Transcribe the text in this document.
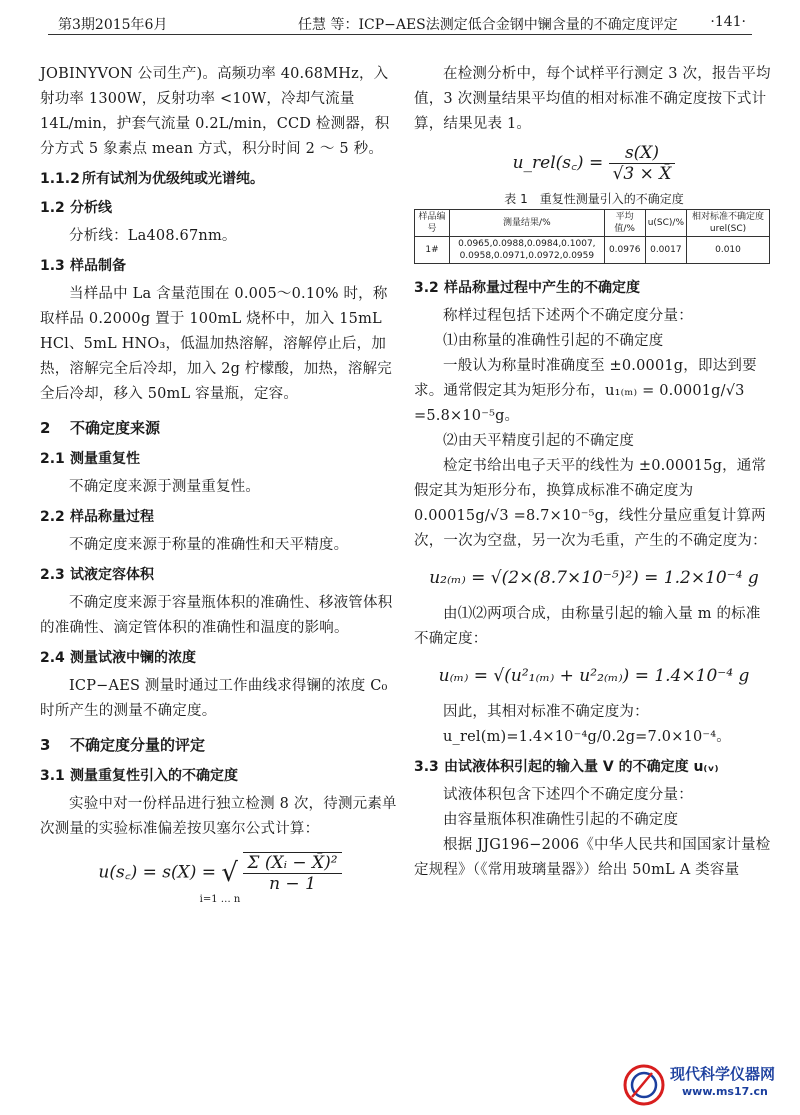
第3期2015年6月	任慧 等：ICP−AES法测定低合金钢中镧含量的不确定度评定 ·141·

JOBINYVON 公司生产)。高频功率 40.68MHz，入射功率 1300W，反射功率 <10W，冷却气流量 14L/min，护套气流量 0.2L/min，CCD 检测器，积分方式 5 象素点 mean 方式，积分时间 2 ～ 5 秒。

1.1.2 所有试剂为优级纯或光谱纯。
1.2 分析线

分析线：La408.67nm。

1.3 样品制备

当样品中 La 含量范围在 0.005～0.10% 时，称取样品 0.2000g 置于 100mL 烧杯中，加入 15mL HCl、5mL HNO₃，低温加热溶解，溶解停止后，加热，溶解完全后冷却，加入 2g 柠檬酸，加热，溶解完全后冷却，移入 50mL 容量瓶，定容。

2 不确定度来源
2.1 测量重复性

不确定度来源于测量重复性。

2.2 样品称量过程

不确定度来源于称量的准确性和天平精度。

2.3 试液定容体积

不确定度来源于容量瓶体积的准确性、移液管体积的准确性、滴定管体积的准确性和温度的影响。

2.4 测量试液中镧的浓度

ICP−AES 测量时通过工作曲线求得镧的浓度 C₀ 时所产生的测量不确定度。

3 不确定度分量的评定
3.1 测量重复性引入的不确定度

实验中对一份样品进行独立检测 8 次，待测元素单次测量的实验标准偏差按贝塞尔公式计算：

u(s꜀) = s(X) = √ $\frac{\text{Σ (Xᵢ − X̄)²}}{n - 1}$
i=1 … n

在检测分析中，每个试样平行测定 3 次，报告平均值，3 次测量结果平均值的相对标准不确定度按下式计算，结果见表 1。

u_rel(s꜀) = $\frac{s(X)}{√3 \times X̄}$
表 1　重复性测量引入的不确定度
样品编号	测量结果/%	平均值/%	u(SC)/%	相对标准不确定度urel(SC)
1#	0.0965,0.0988,0.0984,0.1007, 0.0958,0.0971,0.0972,0.0959	0.0976	0.0017	0.010
3.2 样品称量过程中产生的不确定度

称样过程包括下述两个不确定度分量：

⑴由称量的准确性引起的不确定度

一般认为称量时准确度至 ±0.0001g，即达到要求。通常假定其为矩形分布，u₁₍ₘ₎ = 0.0001g/√3 =5.8×10⁻⁵g。

⑵由天平精度引起的不确定度

检定书给出电子天平的线性为 ±0.00015g，通常假定其为矩形分布，换算成标准不确定度为 0.00015g/√3 =8.7×10⁻⁵g，线性分量应重复计算两次，一次为空盘，另一次为毛重，产生的不确定度为：

u₂₍ₘ₎ = √(2×(8.7×10⁻⁵)²) = 1.2×10⁻⁴ g

由⑴⑵两项合成，由称量引起的输入量 m 的标准不确定度：

u₍ₘ₎ = √(u²₁₍ₘ₎ + u²₂₍ₘ₎) = 1.4×10⁻⁴ g

因此，其相对标准不确定度为：

u_rel(m)=1.4×10⁻⁴g/0.2g=7.0×10⁻⁴。

3.3 由试液体积引起的输入量 V 的不确定度 u₍ᵥ₎

试液体积包含下述四个不确定度分量：

由容量瓶体积准确性引起的不确定度

根据 JJG196−2006《中华人民共和国国家计量检定规程》（《常用玻璃量器》）给出 50mL A 类容量

现代科学仪器网
www.ms17.cn
